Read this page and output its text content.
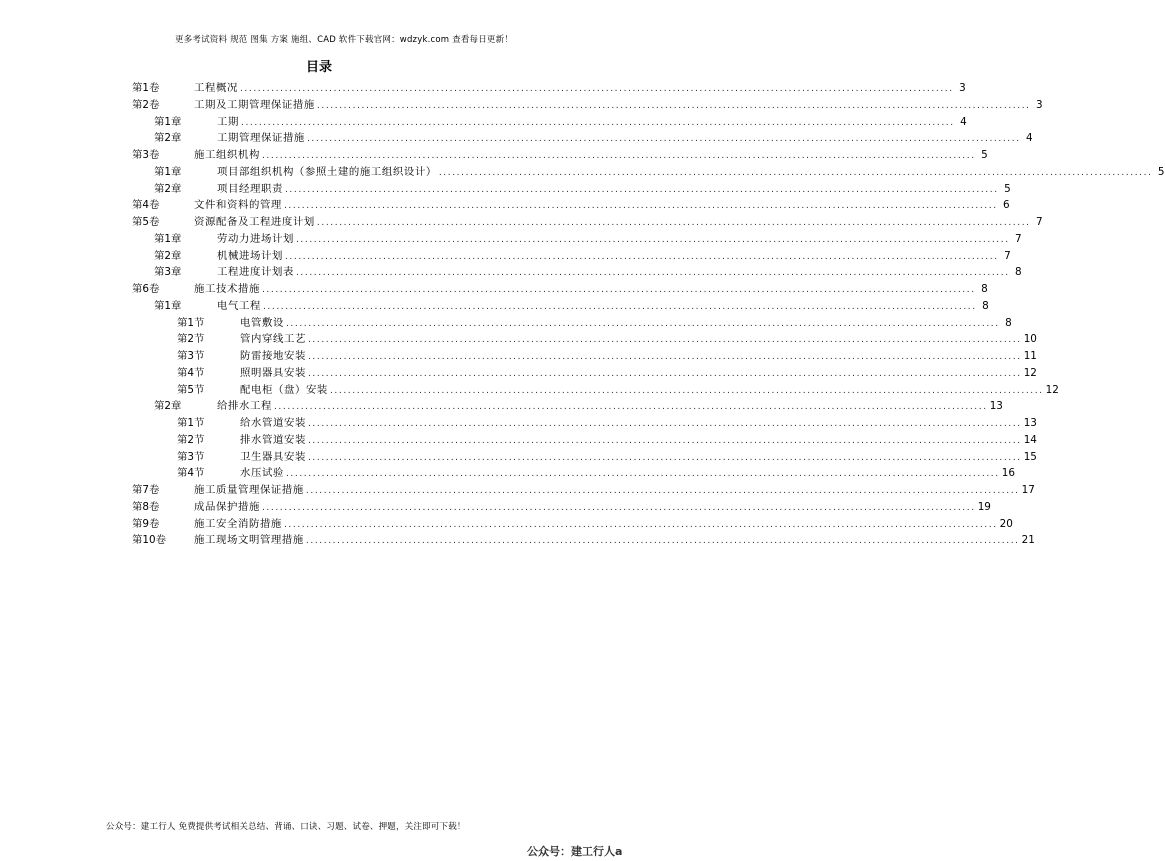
更多考试资料 规范 图集 方案 施组、CAD 软件下载官网：wdzyk.com 查看每日更新！
目录
第1卷	工程概况 ................................................................................................................................................................ 3
第2卷	工期及工期管理保证措施 ................................................................................................................................................................ 3
第1章	工期 ................................................................................................................................................................ 4
第2章	工期管理保证措施 ................................................................................................................................................................ 4
第3卷	施工组织机构 ................................................................................................................................................................ 5
第1章	项目部组织机构（参照土建的施工组织设计） ................................................................................................................................................................ 5
第2章	项目经理职责 ................................................................................................................................................................ 5
第4卷	文件和资料的管理 ................................................................................................................................................................ 6
第5卷	资源配备及工程进度计划 ................................................................................................................................................................ 7
第1章	劳动力进场计划 ................................................................................................................................................................ 7
第2章	机械进场计划 ................................................................................................................................................................ 7
第3章	工程进度计划表 ................................................................................................................................................................ 8
第6卷	施工技术措施 ................................................................................................................................................................ 8
第1章	电气工程 ................................................................................................................................................................ 8
第1节	电管敷设 ................................................................................................................................................................ 8
第2节	管内穿线工艺 ................................................................................................................................................................ 10
第3节	防雷接地安装 ................................................................................................................................................................ 11
第4节	照明器具安装 ................................................................................................................................................................ 12
第5节	配电柜（盘）安装 ................................................................................................................................................................ 12
第2章	给排水工程 ................................................................................................................................................................ 13
第1节	给水管道安装 ................................................................................................................................................................ 13
第2节	排水管道安装 ................................................................................................................................................................ 14
第3节	卫生器具安装 ................................................................................................................................................................ 15
第4节	水压试验 ................................................................................................................................................................ 16
第7卷	施工质量管理保证措施 ................................................................................................................................................................ 17
第8卷	成品保护措施 ................................................................................................................................................................ 19
第9卷	施工安全消防措施 ................................................................................................................................................................ 20
第10卷	施工现场文明管理措施 ................................................................................................................................................................ 21
公众号：建工行人 免费提供考试相关总结、背诵、口诀、习题、试卷、押题，关注即可下载！
公众号：建工行人a
